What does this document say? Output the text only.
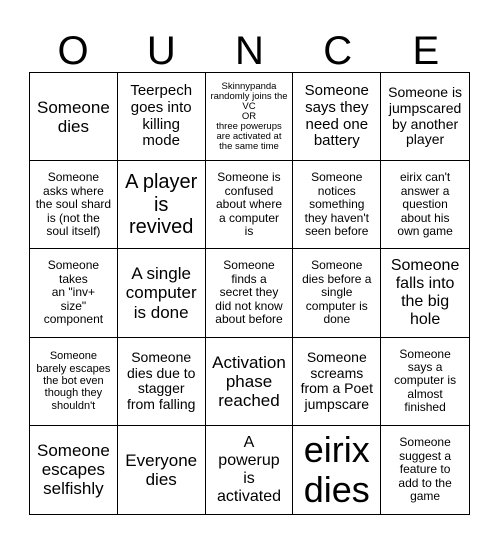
O	U	N	C	E
Someone
dies
Teerpech
goes into
killing
mode
Skinnypanda
randomly joins the
VC
OR
three powerups
are activated at
the same time
Someone
says they
need one
battery
Someone is
jumpscared
by another
player
Someone
asks where
the soul shard
is (not the
soul itself)
A player
is
revived
Someone is
confused
about where
a computer
is
Someone
notices
something
they haven't
seen before
eirix can't
answer a
question
about his
own game
Someone
takes
an "inv+
size"
component
A single
computer
is done
Someone
finds a
secret they
did not know
about before
Someone
dies before a
single
computer is
done
Someone
falls into
the big
hole
Someone
barely escapes
the bot even
though they
shouldn't
Someone
dies due to
stagger
from falling
Activation
phase
reached
Someone
screams
from a Poet
jumpscare
Someone
says a
computer is
almost
finished
Someone
escapes
selfishly
Everyone
dies
A
powerup
is
activated
eirix
dies
Someone
suggest a
feature to
add to the
game
